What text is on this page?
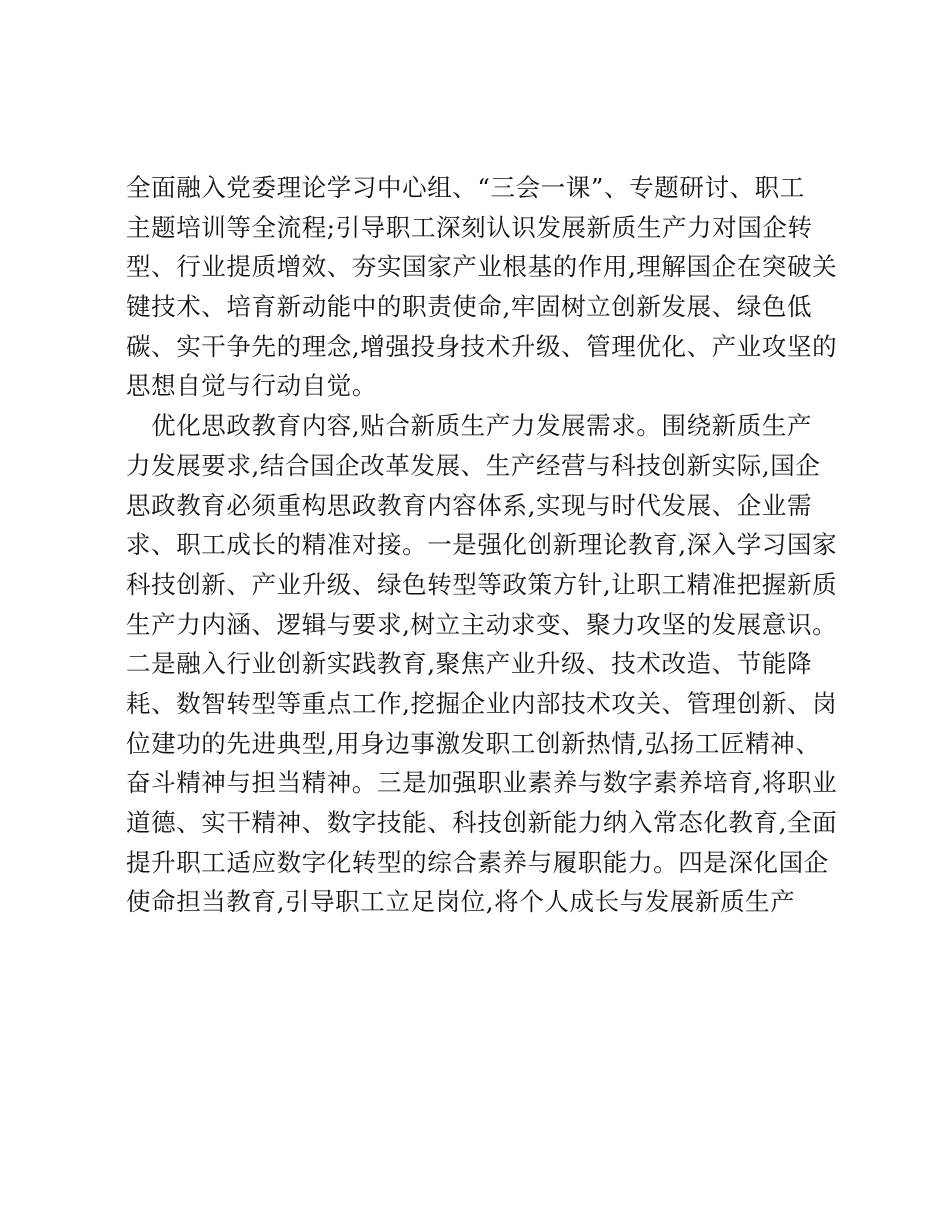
全面融入党委理论学习中心组、“三会一课”、专题研讨、职工
主题培训等全流程;引导职工深刻认识发展新质生产力对国企转
型、行业提质增效、夯实国家产业根基的作用,理解国企在突破关
键技术、培育新动能中的职责使命,牢固树立创新发展、绿色低
碳、实干争先的理念,增强投身技术升级、管理优化、产业攻坚的
思想自觉与行动自觉。
　优化思政教育内容,贴合新质生产力发展需求。围绕新质生产
力发展要求,结合国企改革发展、生产经营与科技创新实际,国企
思政教育必须重构思政教育内容体系,实现与时代发展、企业需
求、职工成长的精准对接。一是强化创新理论教育,深入学习国家
科技创新、产业升级、绿色转型等政策方针,让职工精准把握新质
生产力内涵、逻辑与要求,树立主动求变、聚力攻坚的发展意识。
二是融入行业创新实践教育,聚焦产业升级、技术改造、节能降
耗、数智转型等重点工作,挖掘企业内部技术攻关、管理创新、岗
位建功的先进典型,用身边事激发职工创新热情,弘扬工匠精神、
奋斗精神与担当精神。三是加强职业素养与数字素养培育,将职业
道德、实干精神、数字技能、科技创新能力纳入常态化教育,全面
提升职工适应数字化转型的综合素养与履职能力。四是深化国企
使命担当教育,引导职工立足岗位,将个人成长与发展新质生产
